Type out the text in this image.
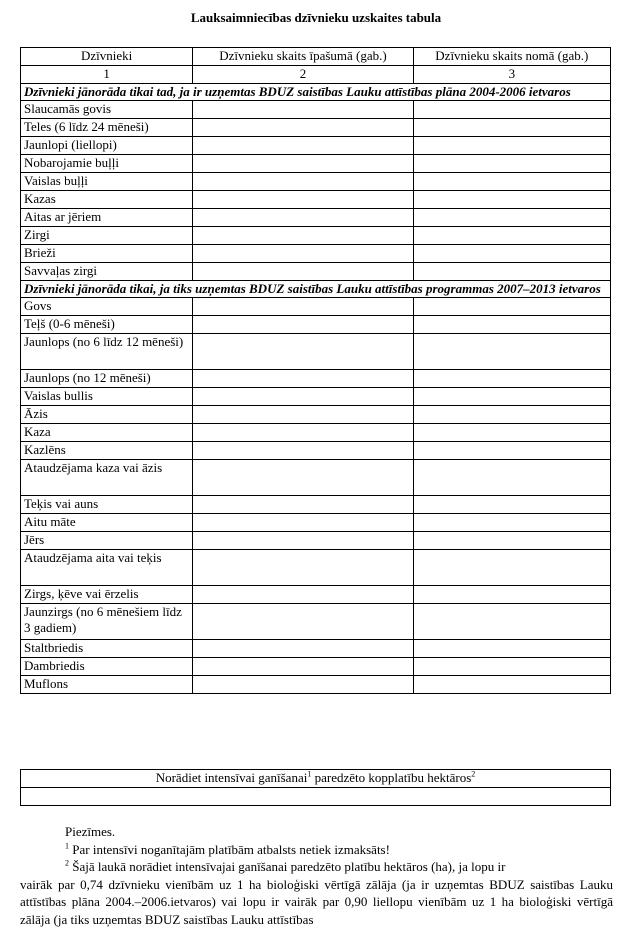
Lauksaimniecības dzīvnieku uzskaites tabula
Dzīvnieki	Dzīvnieku skaits īpašumā (gab.)	Dzīvnieku skaits nomā (gab.)
1	2	3
Dzīvnieki jānorāda tikai tad, ja ir uzņemtas BDUZ saistības Lauku attīstības plāna 2004-2006 ietvaros		
Slaucamās govis		
Teles (6 līdz 24 mēneši)		
Jaunlopi (liellopi)		
Nobarojamie buļļi		
Vaislas buļļi		
Kazas		
Aitas ar jēriem		
Zirgi		
Brieži		
Savvaļas zirgi		
Dzīvnieki jānorāda tikai, ja tiks uzņemtas BDUZ saistības Lauku attīstības programmas 2007–2013 ietvaros		
Govs		
Teļš (0-6 mēneši)		
Jaunlops (no 6 līdz 12 mēneši)		
Jaunlops (no 12 mēneši)		
Vaislas bullis		
Āzis		
Kaza		
Kazlēns		
Ataudzējama kaza vai āzis		
Teķis vai auns		
Aitu māte		
Jērs		
Ataudzējama aita vai teķis		
Zirgs, ķēve vai ērzelis		
Jaunzirgs (no 6 mēnešiem līdz 3 gadiem)		
Staltbriedis		
Dambriedis		
Muflons		
Norādiet intensīvai ganīšanai$^1$ paredzēto kopplatību hektāros$^2$

Piezīmes.

$^1$ Par intensīvi noganītajām platībām atbalsts netiek izmaksāts!

$^2$ Šajā laukā norādiet intensīvajai ganīšanai paredzēto platību hektāros (ha), ja lopu ir

vairāk par 0,74 dzīvnieku vienībām uz 1 ha bioloģiski vērtīgā zālāja (ja ir uzņemtas BDUZ saistības Lauku attīstības plāna 2004.–2006.ietvaros) vai lopu ir vairāk par 0,90 liellopu vienībām uz 1 ha bioloģiski vērtīgā zālāja (ja tiks uzņemtas BDUZ saistības Lauku attīstības
